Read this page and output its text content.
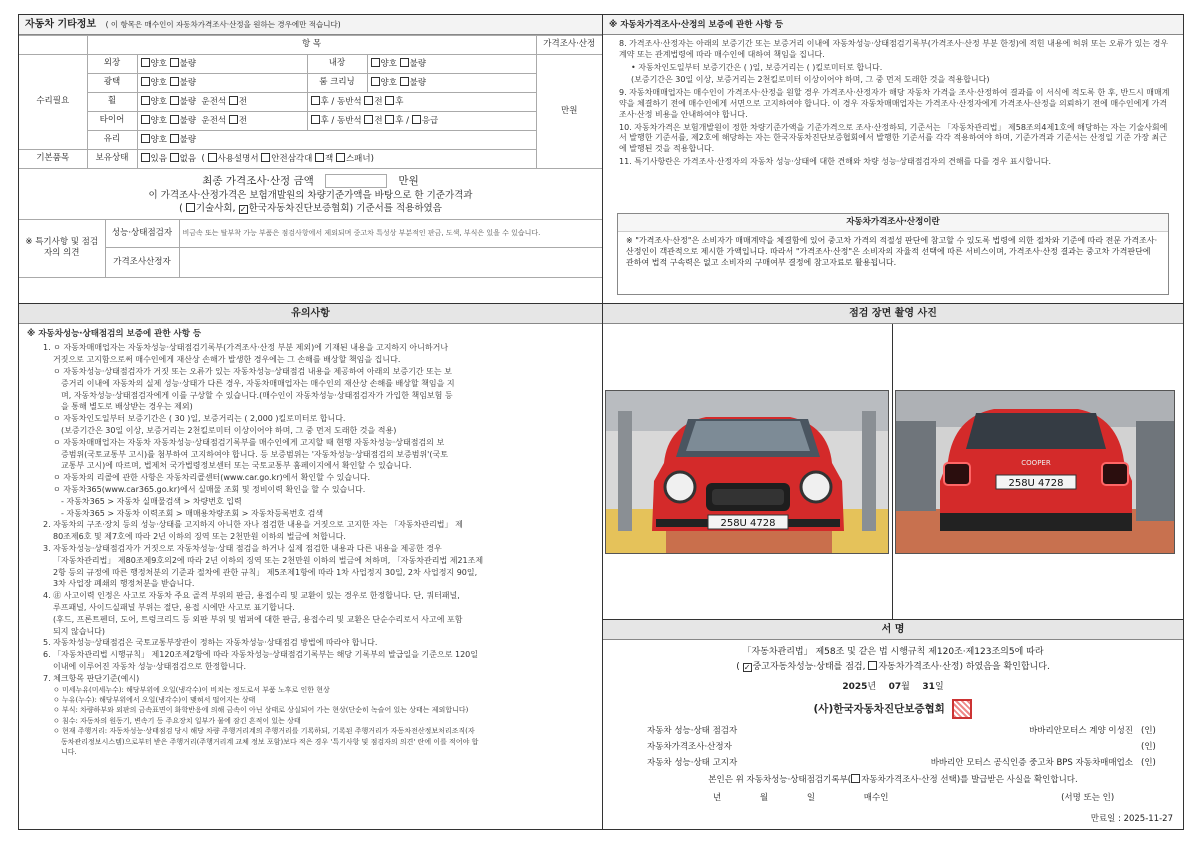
자동차 기타정보 ( 이 항목은 매수인이 자동차가격조사·산정을 원하는 경우에만 적습니다)
	항 목				가격조사·산정
수리필요	외장	양호 불량	내장	양호 불량	만원
	광택	양호 불량	룸 크리닝	양호 불량	
	휠	양호 불량 운전석 전	후 / 동반석 전 후		
	타이어	양호 불량 운전석 전	후 / 동반석 전 후 / 응급		
	유리	양호 불량			
기본품목	보유상태	있음 없음  ( 사용설명서 안전삼각대 잭 스패너)			
최종 가격조사·산정 금액	만원
이 가격조사·산정가격은 보험개발원의 차량기준가액을 바탕으로 한 기준가격과
( 기술사회, ✓ 한국자동차진단보증협회) 기준서를 적용하였음
※ 특기사항 및 점검자의 의견	성능·상태점검자	비금속 또는 탈부착 가능 부품은 점검사항에서 제외되며 중고차 특성상 부분적인 판금, 도색, 부식은 있을 수 있습니다.
	가격조사산정자	
유의사항

※ 자동차성능·상태점검의 보증에 관한 사항 등

1. ㅇ 자동차매매업자는 자동차성능·상태점검기록부(가격조사·산정 부분 제외)에 기재된 내용을 고지하지 아니하거나

거짓으로 고지함으로써 매수인에게 재산상 손해가 발생한 경우에는 그 손해를 배상할 책임을 집니다.

ㅇ 자동차성능·상태점검자가 거짓 또는 오류가 있는 자동차성능·상태점검 내용을 제공하여 아래의 보증기간 또는 보

증거리 이내에 자동차의 실제 성능·상태가 다른 경우, 자동차매매업자는 매수인의 재산상 손해를 배상할 책임을 지

며, 자동차성능·상태점검자에게 이를 구상할 수 있습니다.(매수인이 자동차성능·상태점검자가 가입한 책임보험 등

을 통해 별도로 배상받는 경우는 제외)

ㅇ 자동차인도일부터 보증기간은 ( 30 )일, 보증거리는 ( 2,000 )킬로미터로 합니다.

(보증기간은 30일 이상, 보증거리는 2천킬로미터 이상이어야 하며, 그 중 먼저 도래한 것을 적용)

ㅇ 자동차매매업자는 자동차 자동차성능·상태점검기록부를 매수인에게 고지할 때 현행 자동차성능·상태점검의 보

증범위(국토교통부 고시)를 첨부하여 고지하여야 합니다. 등 보증범위는 '자동차성능·상태점검의 보증범위'(국토

교통부 고시)에 따르며, 법제처 국가법령정보센터 또는 국토교통부 홈페이지에서 확인할 수 있습니다.

ㅇ 자동차의 리콜에 관한 사항은 자동차리콜센터(www.car.go.kr)에서 확인할 수 있습니다.

ㅇ 자동차365(www.car365.go.kr)에서 실매물 조회 및 정비이력 확인을 할 수 있습니다.

- 자동차365 > 자동차 실매물검색 > 차량번호 입력

- 자동차365 > 자동차 이력조회 > 매매용차량조회 > 자동차등록번호 검색

2. 자동차의 구조·장치 등의 성능·상태를 고지하지 아니한 자나 점검한 내용을 거짓으로 고지한 자는 「자동차관리법」 제

80조제6호 및 제7호에 따라 2년 이하의 징역 또는 2천만원 이하의 벌금에 처합니다.

3. 자동차성능·상태점검자가 거짓으로 자동차성능·상태 점검을 하거나 실제 점검한 내용과 다른 내용을 제공한 경우

「자동차관리법」 제80조제9호의2에 따라 2년 이하의 징역 또는 2천만원 이하의 벌금에 처하며, 「자동차관리법 제21조제

2항 등의 규정에 따른 행정처분의 기준과 절차에 관한 규칙」 제5조제1항에 따라 1차 사업정지 30일, 2차 사업정지 90일,

3차 사업장 폐쇄의 행정처분을 받습니다.

4. ㊟ 사고이력 인정은 사고로 자동차 주요 골격 부위의 판금, 용접수리 및 교환이 있는 경우로 한정합니다. 단, 쿼터패널,

루프패널, 사이드실패널 부위는 절단, 용접 시에만 사고로 표기합니다.

(후드, 프론트펜더, 도어, 트렁크리드 등 외판 부위 및 범퍼에 대한 판금, 용접수리 및 교환은 단순수리로서 사고에 포함

되지 않습니다)

5. 자동차성능·상태점검은 국토교통부장관이 정하는 자동차성능·상태점검 방법에 따라야 합니다.

6. 「자동차관리법 시행규칙」 제120조제2항에 따라 자동차성능·상태점검기록부는 해당 기록부의 발급일을 기준으로 120일

이내에 이루어진 자동차 성능·상태점검으로 한정합니다.

7. 체크항목 판단기준(예시)

ㅇ 미세누유(미세누수): 해당부위에 오일(냉각수)이 비치는 정도로서 부품 노후로 인한 현상

ㅇ 누유(누수): 해당부위에서 오일(냉각수)이 맺혀서 떨어지는 상태

ㅇ 부식: 차량하부와 외판의 금속표면이 화학반응에 의해 금속이 아닌 상태로 상실되어 가는 현상(단순히 녹슬어 있는 상태는 제외합니다)

ㅇ 침수: 자동차의 원동기, 변속기 등 주요장치 일부가 물에 잠긴 흔적이 있는 상태

ㅇ 현재 주행거리: 자동차성능·상태점검 당시 해당 차량 주행거리계의 주행거리를 기록하되, 기록된 주행거리가 자동차전산정보처리조직(자

동차관리정보시스템)으로부터 받은 주행거리(주행거리계 교체 정보 포함)보다 적은 경우 '특기사항 및 점검자의 의견' 란에 이를 적어야 합

니다.

※ 자동차가격조사·산정의 보증에 관한 사항 등

8. 가격조사·산정자는 아래의 보증기간 또는 보증거리 이내에 자동차성능·상태점검기록부(가격조사·산정 부분 한정)에 적힌 내용에 허위 또는 오류가 있는 경우 계약 또는 관계법령에 따라 매수인에 대하여 책임을 집니다.

• 자동차인도일부터 보증기간은 ( )일, 보증거리는 ( )킬로미터로 합니다.

(보증기간은 30일 이상, 보증거리는 2천킬로미터 이상이어야 하며, 그 중 먼저 도래한 것을 적용합니다)

9. 자동차매매업자는 매수인이 가격조사·산정을 원할 경우 가격조사·산정자가 해당 자동차 가격을 조사·산정하여 결과를 이 서식에 적도록 한 후, 반드시 매매계약을 체결하기 전에 매수인에게 서면으로 고지하여야 합니다. 이 경우 자동차매매업자는 가격조사·산정자에게 가격조사·산정을 의뢰하기 전에 매수인에게 가격조사·산정 비용을 안내하여야 합니다.

10. 자동차가격은 보험개발원이 정한 차량기준가액을 기준가격으로 조사·산정하되, 기준서는 「자동차관리법」 제58조의4제1호에 해당하는 자는 기술사회에서 발행한 기준서를, 제2호에 해당하는 자는 한국자동차진단보증협회에서 발행한 기준서를 각각 적용하여야 하며, 기준가격과 기준서는 산정일 기준 가장 최근에 발행된 것을 적용합니다.

11. 특기사항란은 가격조사·산정자의 자동차 성능·상태에 대한 견해와 차량 성능·상태점검자의 견해를 다를 경우 표시합니다.

자동차가격조사·산정이란
※ "가격조사·산정"은 소비자가 매매계약을 체결함에 있어 중고차 가격의 적절성 판단에 참고할 수 있도록 법령에 의한 절차와 기준에 따라 전문 가격조사·산정인이 객관적으로 제시한 가액입니다. 따라서 "가격조사·산정"은 소비자의 자율적 선택에 따른 서비스이며, 가격조사·산정 결과는 중고차 가격판단에 관하여 법적 구속력은 없고 소비자의 구매여부 결정에 참고자료로 활용됩니다.
점검 장면 촬영 사진
258U 4728
COOPER
258U 4728
서 명
「자동차관리법」 제58조 및 같은 법 시행규칙 제120조·제123조의5에 따라
( ✓ 중고자동차성능·상태를 점검, 자동차가격조사·산정) 하였음을 확인합니다.
2025년 07월 31일
(사)한국자동차진단보증협회
자동차 성능·상태 점검자	바바리안모터스 계양 이성진 (인)
자동차가격조사·산정자	(인)
자동차 성능·상태 고지자	바바리안 모터스 공식인증 중고차 BPS 자동차매매업소 (인)
본인은 위 자동차성능·상태점검기록부( 자동차가격조사·산정 선택)를 발급받은 사실을 확인합니다.
년	월	일	매수인	(서명 또는 인)
만료일 : 2025-11-27
